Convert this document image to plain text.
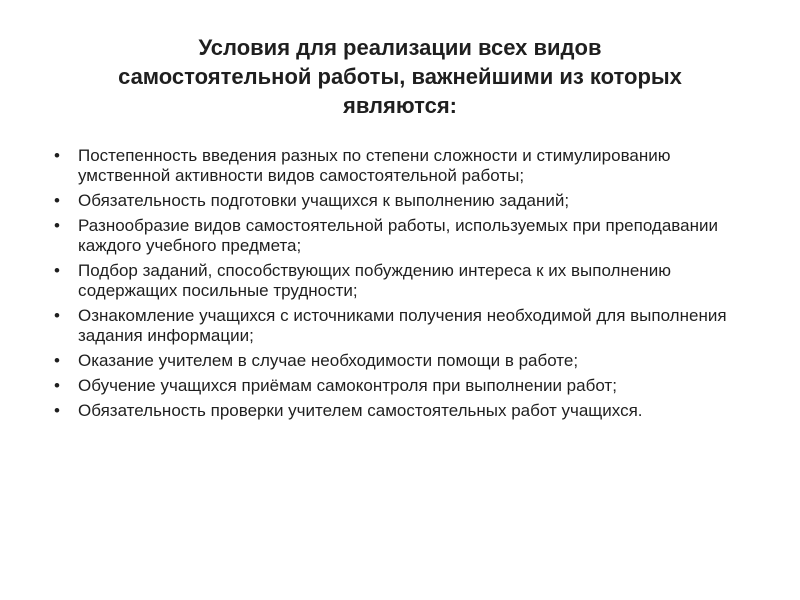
Условия для реализации всех видов
самостоятельной работы, важнейшими из которых
являются:
• Постепенность введения разных по степени сложности и стимулированию умственной активности видов самостоятельной работы;
• Обязательность подготовки учащихся к выполнению заданий;
• Разнообразие видов самостоятельной работы, используемых при преподавании каждого учебного предмета;
• Подбор заданий, способствующих побуждению интереса к их выполнению содержащих посильные трудности;
• Ознакомление учащихся с источниками получения необходимой для выполнения задания информации;
• Оказание учителем в случае необходимости помощи в работе;
• Обучение учащихся приёмам самоконтроля при выполнении работ;
• Обязательность проверки учителем самостоятельных работ учащихся.
